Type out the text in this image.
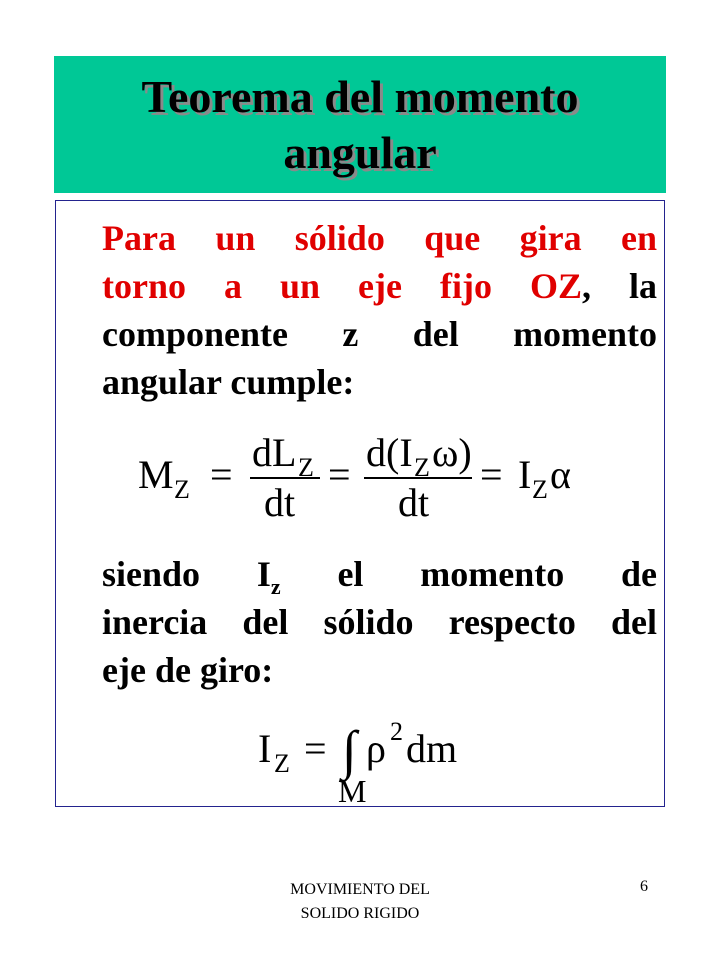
Teorema del momento
angular
Para un sólido que gira en
torno a un eje fijo OZ, la
componente z del momento
angular cumple:
M Z = dL Z
dt
= d(I Z ω)
dt
= I Z α
siendo $I_z$ el momento de
inercia del sólido respecto del
eje de giro:
I Z = ∫ ρ 2 dm
M
MOVIMIENTO DEL
SOLIDO RIGIDO
6
